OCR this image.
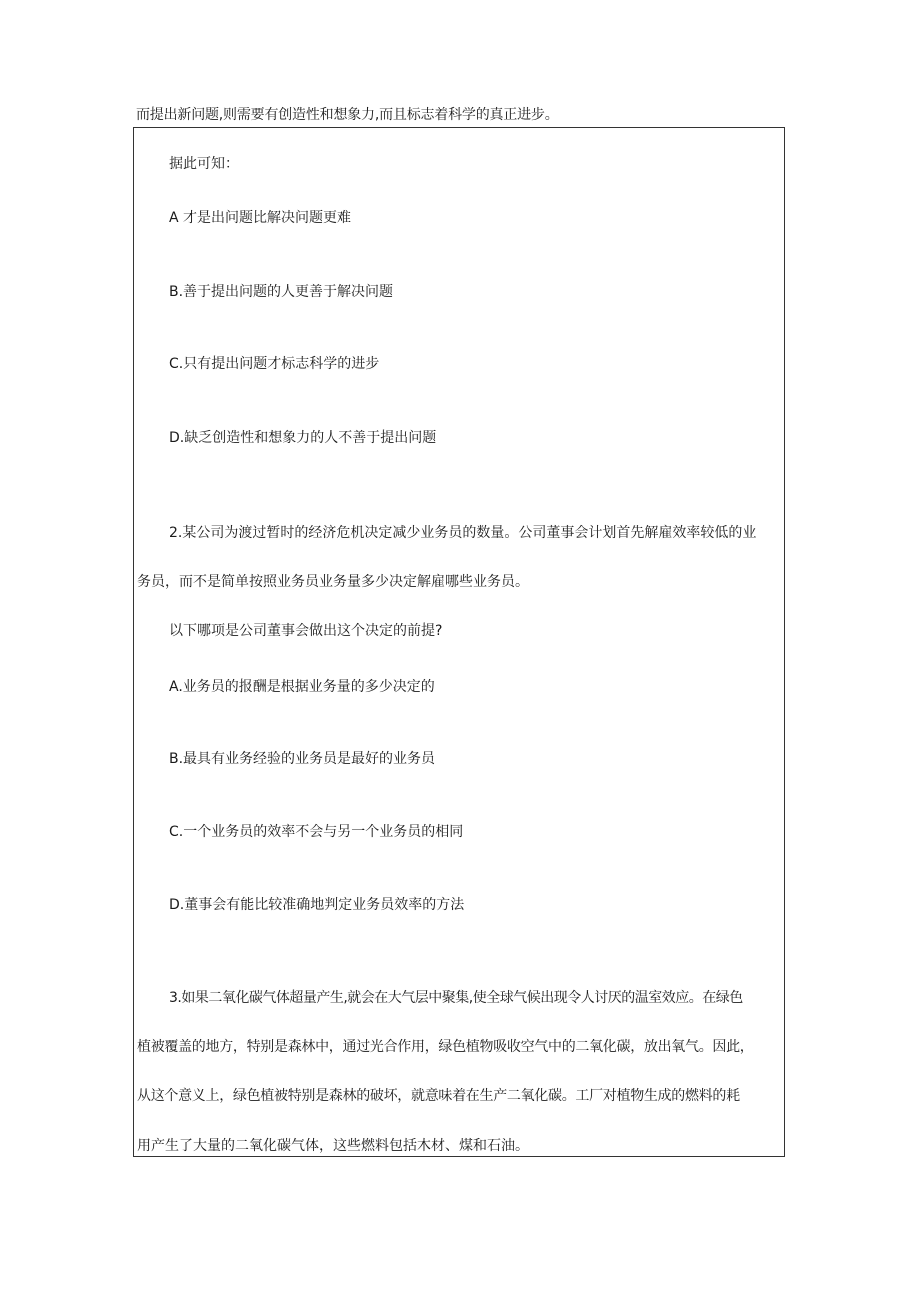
而提出新问题,则需要有创造性和想象力,而且标志着科学的真正进步。

据此可知：

A 才是出问题比解决问题更难

B.善于提出问题的人更善于解决问题

C.只有提出问题才标志科学的进步

D.缺乏创造性和想象力的人不善于提出问题

2.某公司为渡过暂时的经济危机决定减少业务员的数量。公司董事会计划首先解雇效率较低的业

务员，而不是简单按照业务员业务量多少决定解雇哪些业务员。

以下哪项是公司董事会做出这个决定的前提?

A.业务员的报酬是根据业务量的多少决定的

B.最具有业务经验的业务员是最好的业务员

C.一个业务员的效率不会与另一个业务员的相同

D.董事会有能比较准确地判定业务员效率的方法

3.如果二氧化碳气体超量产生,就会在大气层中聚集,使全球气候出现令人讨厌的温室效应。在绿色

植被覆盖的地方，特别是森林中，通过光合作用，绿色植物吸收空气中的二氧化碳，放出氧气。因此，

从这个意义上，绿色植被特别是森林的破坏，就意味着在生产二氧化碳。工厂对植物生成的燃料的耗

用产生了大量的二氧化碳气体，这些燃料包括木材、煤和石油。
